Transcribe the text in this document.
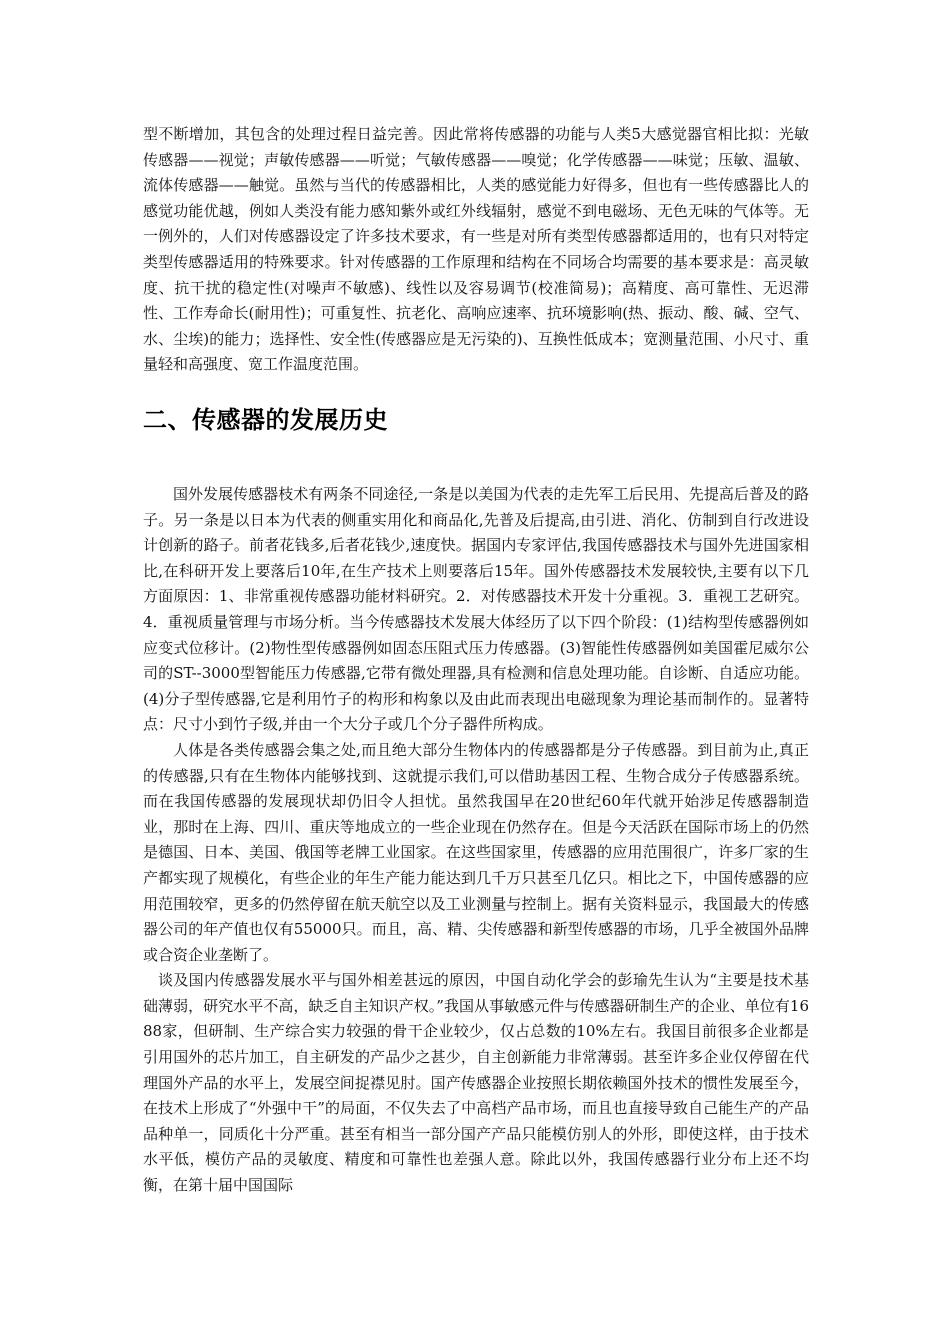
型不断增加，其包含的处理过程日益完善。因此常将传感器的功能与人类5大感觉器官相比拟：光敏传感器——视觉；声敏传感器——听觉；气敏传感器——嗅觉；化学传感器——味觉；压敏、温敏、流体传感器——触觉。虽然与当代的传感器相比，人类的感觉能力好得多，但也有一些传感器比人的感觉功能优越，例如人类没有能力感知紫外或红外线辐射，感觉不到电磁场、无色无味的气体等。无一例外的，人们对传感器设定了许多技术要求，有一些是对所有类型传感器都适用的，也有只对特定类型传感器适用的特殊要求。针对传感器的工作原理和结构在不同场合均需要的基本要求是：高灵敏度、抗干扰的稳定性(对噪声不敏感)、线性以及容易调节(校准简易)；高精度、高可靠性、无迟滞性、工作寿命长(耐用性)；可重复性、抗老化、高响应速率、抗环境影响(热、振动、酸、碱、空气、水、尘埃)的能力；选择性、安全性(传感器应是无污染的)、互换性低成本；宽测量范围、小尺寸、重量轻和高强度、宽工作温度范围。

二、传感器的发展历史

国外发展传感器枝术有两条不同途径,一条是以美国为代表的走先军工后民用、先提高后普及的路子。另一条是以日本为代表的侧重实用化和商品化,先普及后提高,由引进、消化、仿制到自行改进设计创新的路子。前者花钱多,后者花钱少,速度快。据国内专家评估,我国传感器技术与国外先进国家相比,在科研开发上要落后10年,在生产技术上则要落后15年。国外传感器技术发展较快,主要有以下几方面原因：1、非常重视传感器功能材料研究。2．对传感器技术开发十分重视。3．重视工艺研究。4．重视质量管理与市场分析。当今传感器技术发展大体经历了以下四个阶段：(1)结构型传感器例如应变式位移计。(2)物性型传感器例如固态压阻式压力传感器。(3)智能性传感器例如美国霍尼威尔公司的ST--3000型智能压力传感器,它带有微处理器,具有检测和信息处理功能。自诊断、自适应功能。(4)分子型传感器,它是利用竹子的构形和构象以及由此而表现出电磁现象为理论基而制作的。显著特点：尺寸小到竹子级,并由一个大分子或几个分子器件所构成。

人体是各类传感器会集之处,而且绝大部分生物体内的传感器都是分子传感器。到目前为止,真正的传感器,只有在生物体内能够找到、这就提示我们,可以借助基因工程、生物合成分子传感器系统。而在我国传感器的发展现状却仍旧令人担忧。虽然我国早在20世纪60年代就开始涉足传感器制造业，那时在上海、四川、重庆等地成立的一些企业现在仍然存在。但是今天活跃在国际市场上的仍然是德国、日本、美国、俄国等老牌工业国家。在这些国家里，传感器的应用范围很广，许多厂家的生产都实现了规模化，有些企业的年生产能力能达到几千万只甚至几亿只。相比之下，中国传感器的应用范围较窄，更多的仍然停留在航天航空以及工业测量与控制上。据有关资料显示，我国最大的传感器公司的年产值也仅有55000只。而且，高、精、尖传感器和新型传感器的市场，几乎全被国外品牌或合资企业垄断了。

谈及国内传感器发展水平与国外相差甚远的原因，中国自动化学会的彭瑜先生认为“主要是技术基础薄弱，研究水平不高，缺乏自主知识产权。”我国从事敏感元件与传感器研制生产的企业、单位有1688家，但研制、生产综合实力较强的骨干企业较少，仅占总数的10%左右。我国目前很多企业都是引用国外的芯片加工，自主研发的产品少之甚少，自主创新能力非常薄弱。甚至许多企业仅停留在代理国外产品的水平上，发展空间捉襟见肘。国产传感器企业按照长期依赖国外技术的惯性发展至今，在技术上形成了“外强中干”的局面，不仅失去了中高档产品市场，而且也直接导致自己能生产的产品品种单一，同质化十分严重。甚至有相当一部分国产产品只能模仿别人的外形，即使这样，由于技术水平低，模仿产品的灵敏度、精度和可靠性也差强人意。除此以外，我国传感器行业分布上还不均衡，在第十届中国国际
